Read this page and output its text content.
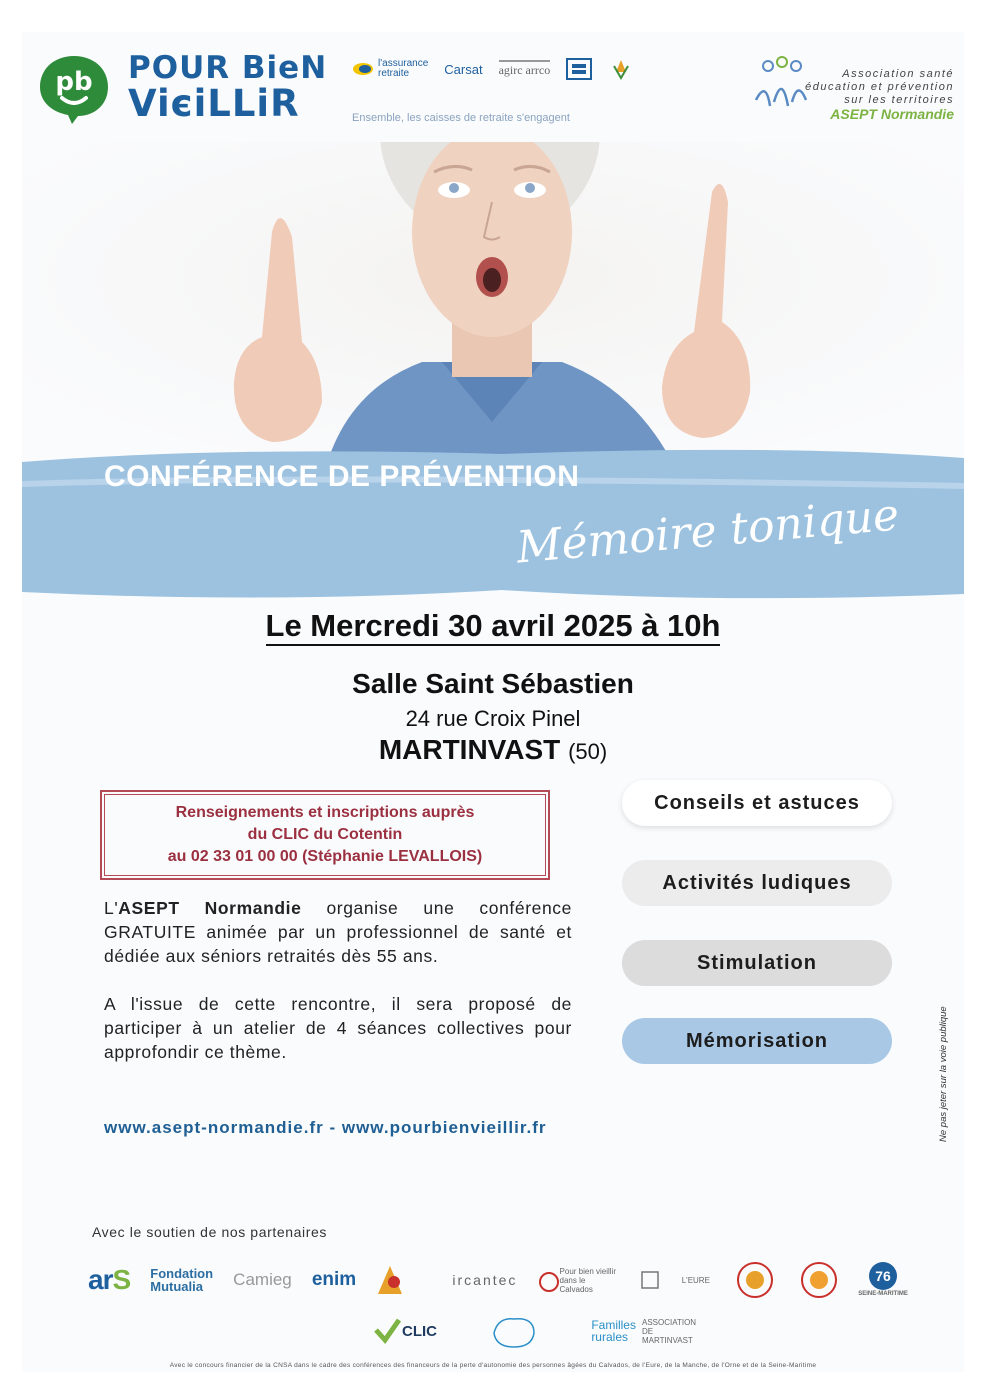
pb POUR BieN
ViєiLLiR
l'assurance
retraite	Carsat agirc arrco
Ensemble, les caisses de retraite s'engagent
Association santé
éducation et prévention
sur les territoires
ASEPT Normandie
CONFÉRENCE DE PRÉVENTION
Mémoire tonique
Le Mercredi 30 avril 2025 à 10h
Salle Saint Sébastien
24 rue Croix Pinel
MARTINVAST (50)
Renseignements et inscriptions auprès
du CLIC du Cotentin
au 02 33 01 00 00 (Stéphanie LEVALLOIS)

L'ASEPT Normandie organise une conférence GRATUITE animée par un professionnel de santé et dédiée aux séniors retraités dès 55 ans.

A l'issue de cette rencontre, il sera proposé de participer à un atelier de 4 séances collectives pour approfondir ce thème.

www.asept-normandie.fr - www.pourbienvieillir.fr
Conseils et astuces
Activités ludiques
Stimulation
Mémorisation	Ne pas jeter sur la voie publique
Avec le soutien de nos partenaires
ar S Fondation
Mutualia	Camieg enim	ircantec
Pour bien vieillir dans le Calvados
L'EURE	76
SEINE-MARITIME
CLIC	Familles
rurales
ASSOCIATION DE MARTINVAST
Avec le concours financier de la CNSA dans le cadre des conférences des financeurs de la perte d'autonomie des personnes âgées du Calvados, de l'Eure, de la Manche, de l'Orne et de la Seine-Maritime
